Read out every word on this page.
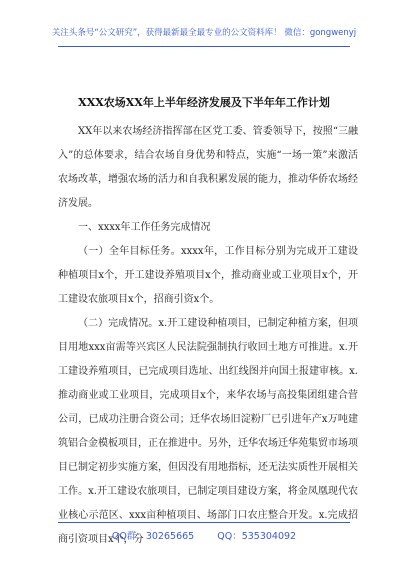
关注头条号“公文研究”，获得最新最全最专业的公文资料库！ 微信：gongwenyj
XXX农场XX年上半年经济发展及下半年年工作计划

XX年以来农场经济指挥部在区党工委、管委领导下，按照“三融入”的总体要求，结合农场自身优势和特点，实施“一场一策”来激活农场改革，增强农场的活力和自我积累发展的能力，推动华侨农场经济发展。

一、xxxx年工作任务完成情况

（一）全年目标任务。xxxx年，工作目标分别为完成开工建设种植项目x个，开工建设养殖项目x个，推动商业或工业项目x个，开工建设农旅项目x个，招商引资x个。

（二）完成情况。x.开工建设种植项目，已制定种植方案，但项目用地xxx亩需等兴宾区人民法院强制执行收回土地方可推进。x.开工建设养殖项目，已完成项目选址、出红线图并向国土报建审核。x.推动商业或工业项目，完成项目x个，来华农场与高投集团组建合营公司，已成功注册合资公司；迁华农场旧淀粉厂已引进年产x万吨建筑铝合金模板项目，正在推进中。另外，迁华农场迁华苑集贸市场项目已制定初步实施方案，但因没有用地指标，还无法实质性开展相关工作。x.开工建设农旅项目，已制定项目建设方案，将金凤凰现代农业核心示范区、xxx亩种植项目、场部门口农庄整合开发。x.完成招商引资项目x个，分

QQ群：30265665 QQ：535304092
